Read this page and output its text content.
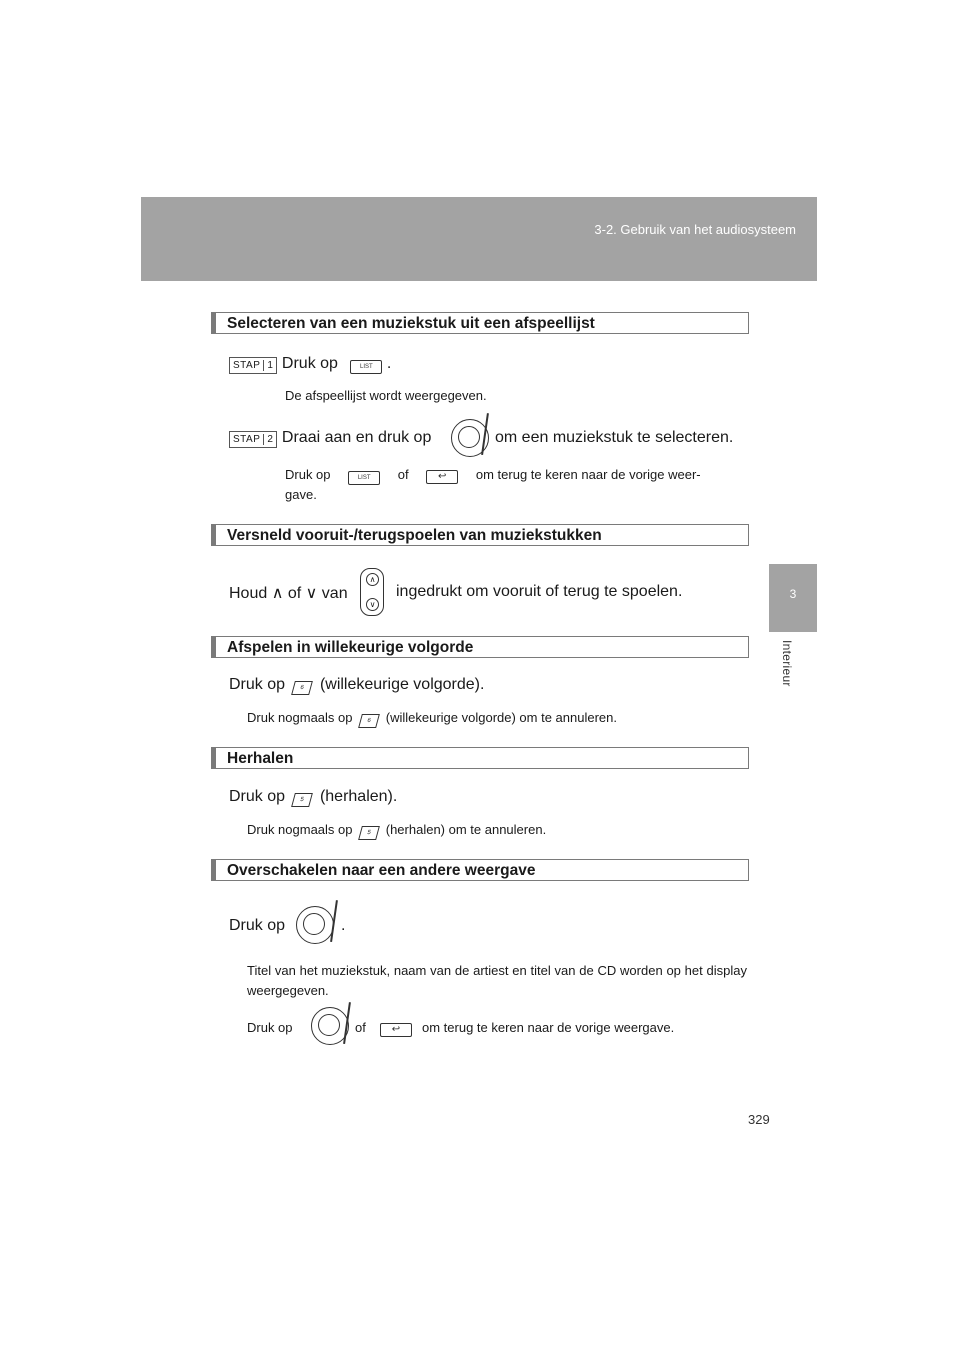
3-2. Gebruik van het audiosysteem
3
Interieur
Selecteren van een muziekstuk uit een afspeellijst
STAP 1 Druk op	LIST .
De afspeellijst wordt weergegeven.
STAP 2 Draai aan en druk op	om een muziekstuk te selecteren.
Druk op	LIST of	↩ om terug te keren naar de vorige weer-
gave.
Versneld vooruit-/terugspoelen van muziekstukken
Houd ∧ of ∨ van
∧
∨
ingedrukt om vooruit of terug te spoelen.
Afspelen in willekeurige volgorde
Druk op 6 (willekeurige volgorde).
Druk nogmaals op 6 (willekeurige volgorde) om te annuleren.
Herhalen
Druk op 5 (herhalen).
Druk nogmaals op 5 (herhalen) om te annuleren.
Overschakelen naar een andere weergave
Druk op	.
Titel van het muziekstuk, naam van de artiest en titel van de CD worden op het display weergegeven.
Druk op	of	↩	om terug te keren naar de vorige weergave.
329
